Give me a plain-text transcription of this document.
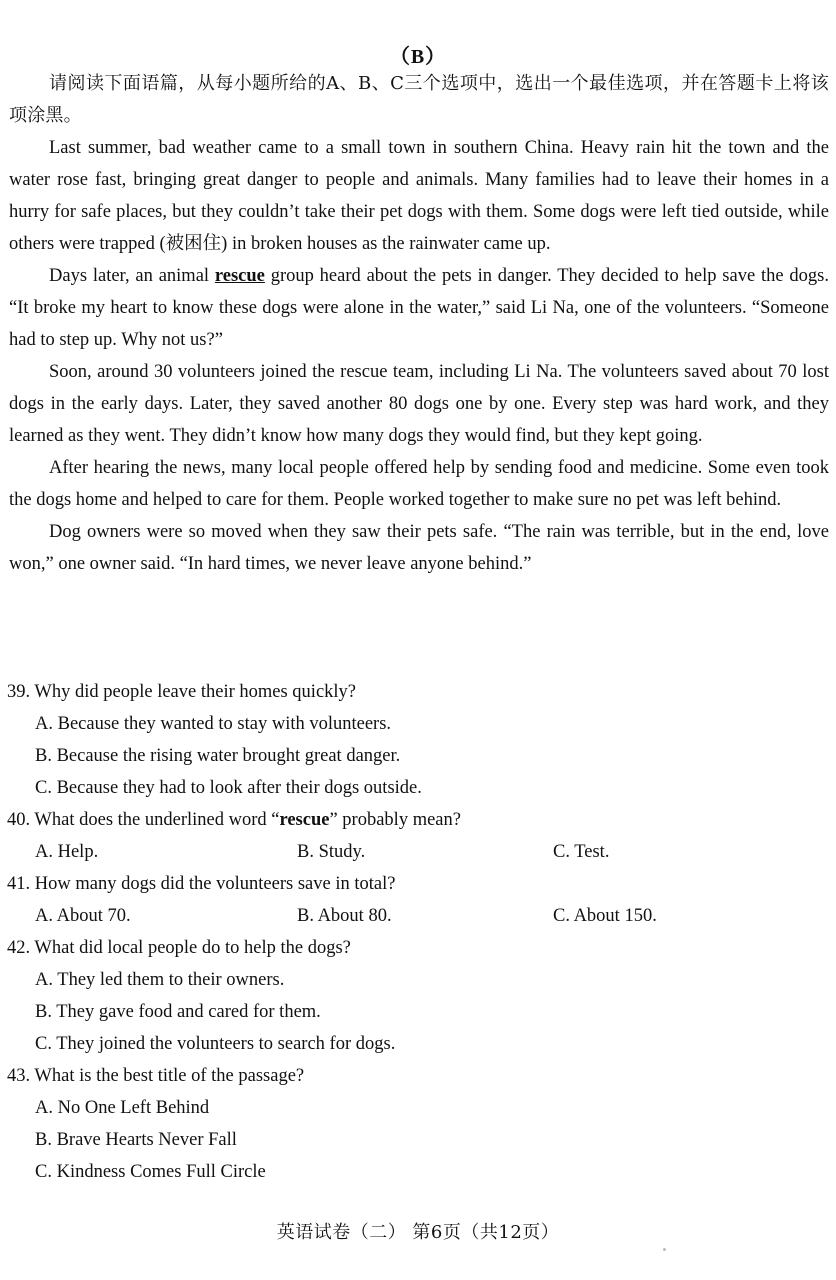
（B）

请阅读下面语篇，从每小题所给的A、B、C三个选项中，选出一个最佳选项，并在答题卡上将该项涂黑。

Last summer, bad weather came to a small town in southern China. Heavy rain hit the town and the water rose fast, bringing great danger to people and animals. Many families had to leave their homes in a hurry for safe places, but they couldn’t take their pet dogs with them. Some dogs were left tied outside, while others were trapped (被困住) in broken houses as the rainwater came up.

Days later, an animal rescue group heard about the pets in danger. They decided to help save the dogs. “It broke my heart to know these dogs were alone in the water,” said Li Na, one of the volunteers. “Someone had to step up. Why not us?”

Soon, around 30 volunteers joined the rescue team, including Li Na. The volunteers saved about 70 lost dogs in the early days. Later, they saved another 80 dogs one by one. Every step was hard work, and they learned as they went. They didn’t know how many dogs they would find, but they kept going.

After hearing the news, many local people offered help by sending food and medicine. Some even took the dogs home and helped to care for them. People worked together to make sure no pet was left behind.

Dog owners were so moved when they saw their pets safe. “The rain was terrible, but in the end, love won,” one owner said. “In hard times, we never leave anyone behind.”

39. Why did people leave their homes quickly?

A. Because they wanted to stay with volunteers.

B. Because the rising water brought great danger.

C. Because they had to look after their dogs outside.

40. What does the underlined word “rescue” probably mean?

A. Help.	B. Study.	C. Test.

41. How many dogs did the volunteers save in total?

A. About 70.	B. About 80.	C. About 150.

42. What did local people do to help the dogs?

A. They led them to their owners.

B. They gave food and cared for them.

C. They joined the volunteers to search for dogs.

43. What is the best title of the passage?

A. No One Left Behind

B. Brave Hearts Never Fall

C. Kindness Comes Full Circle

英语试卷（二） 第6页（共12页）
